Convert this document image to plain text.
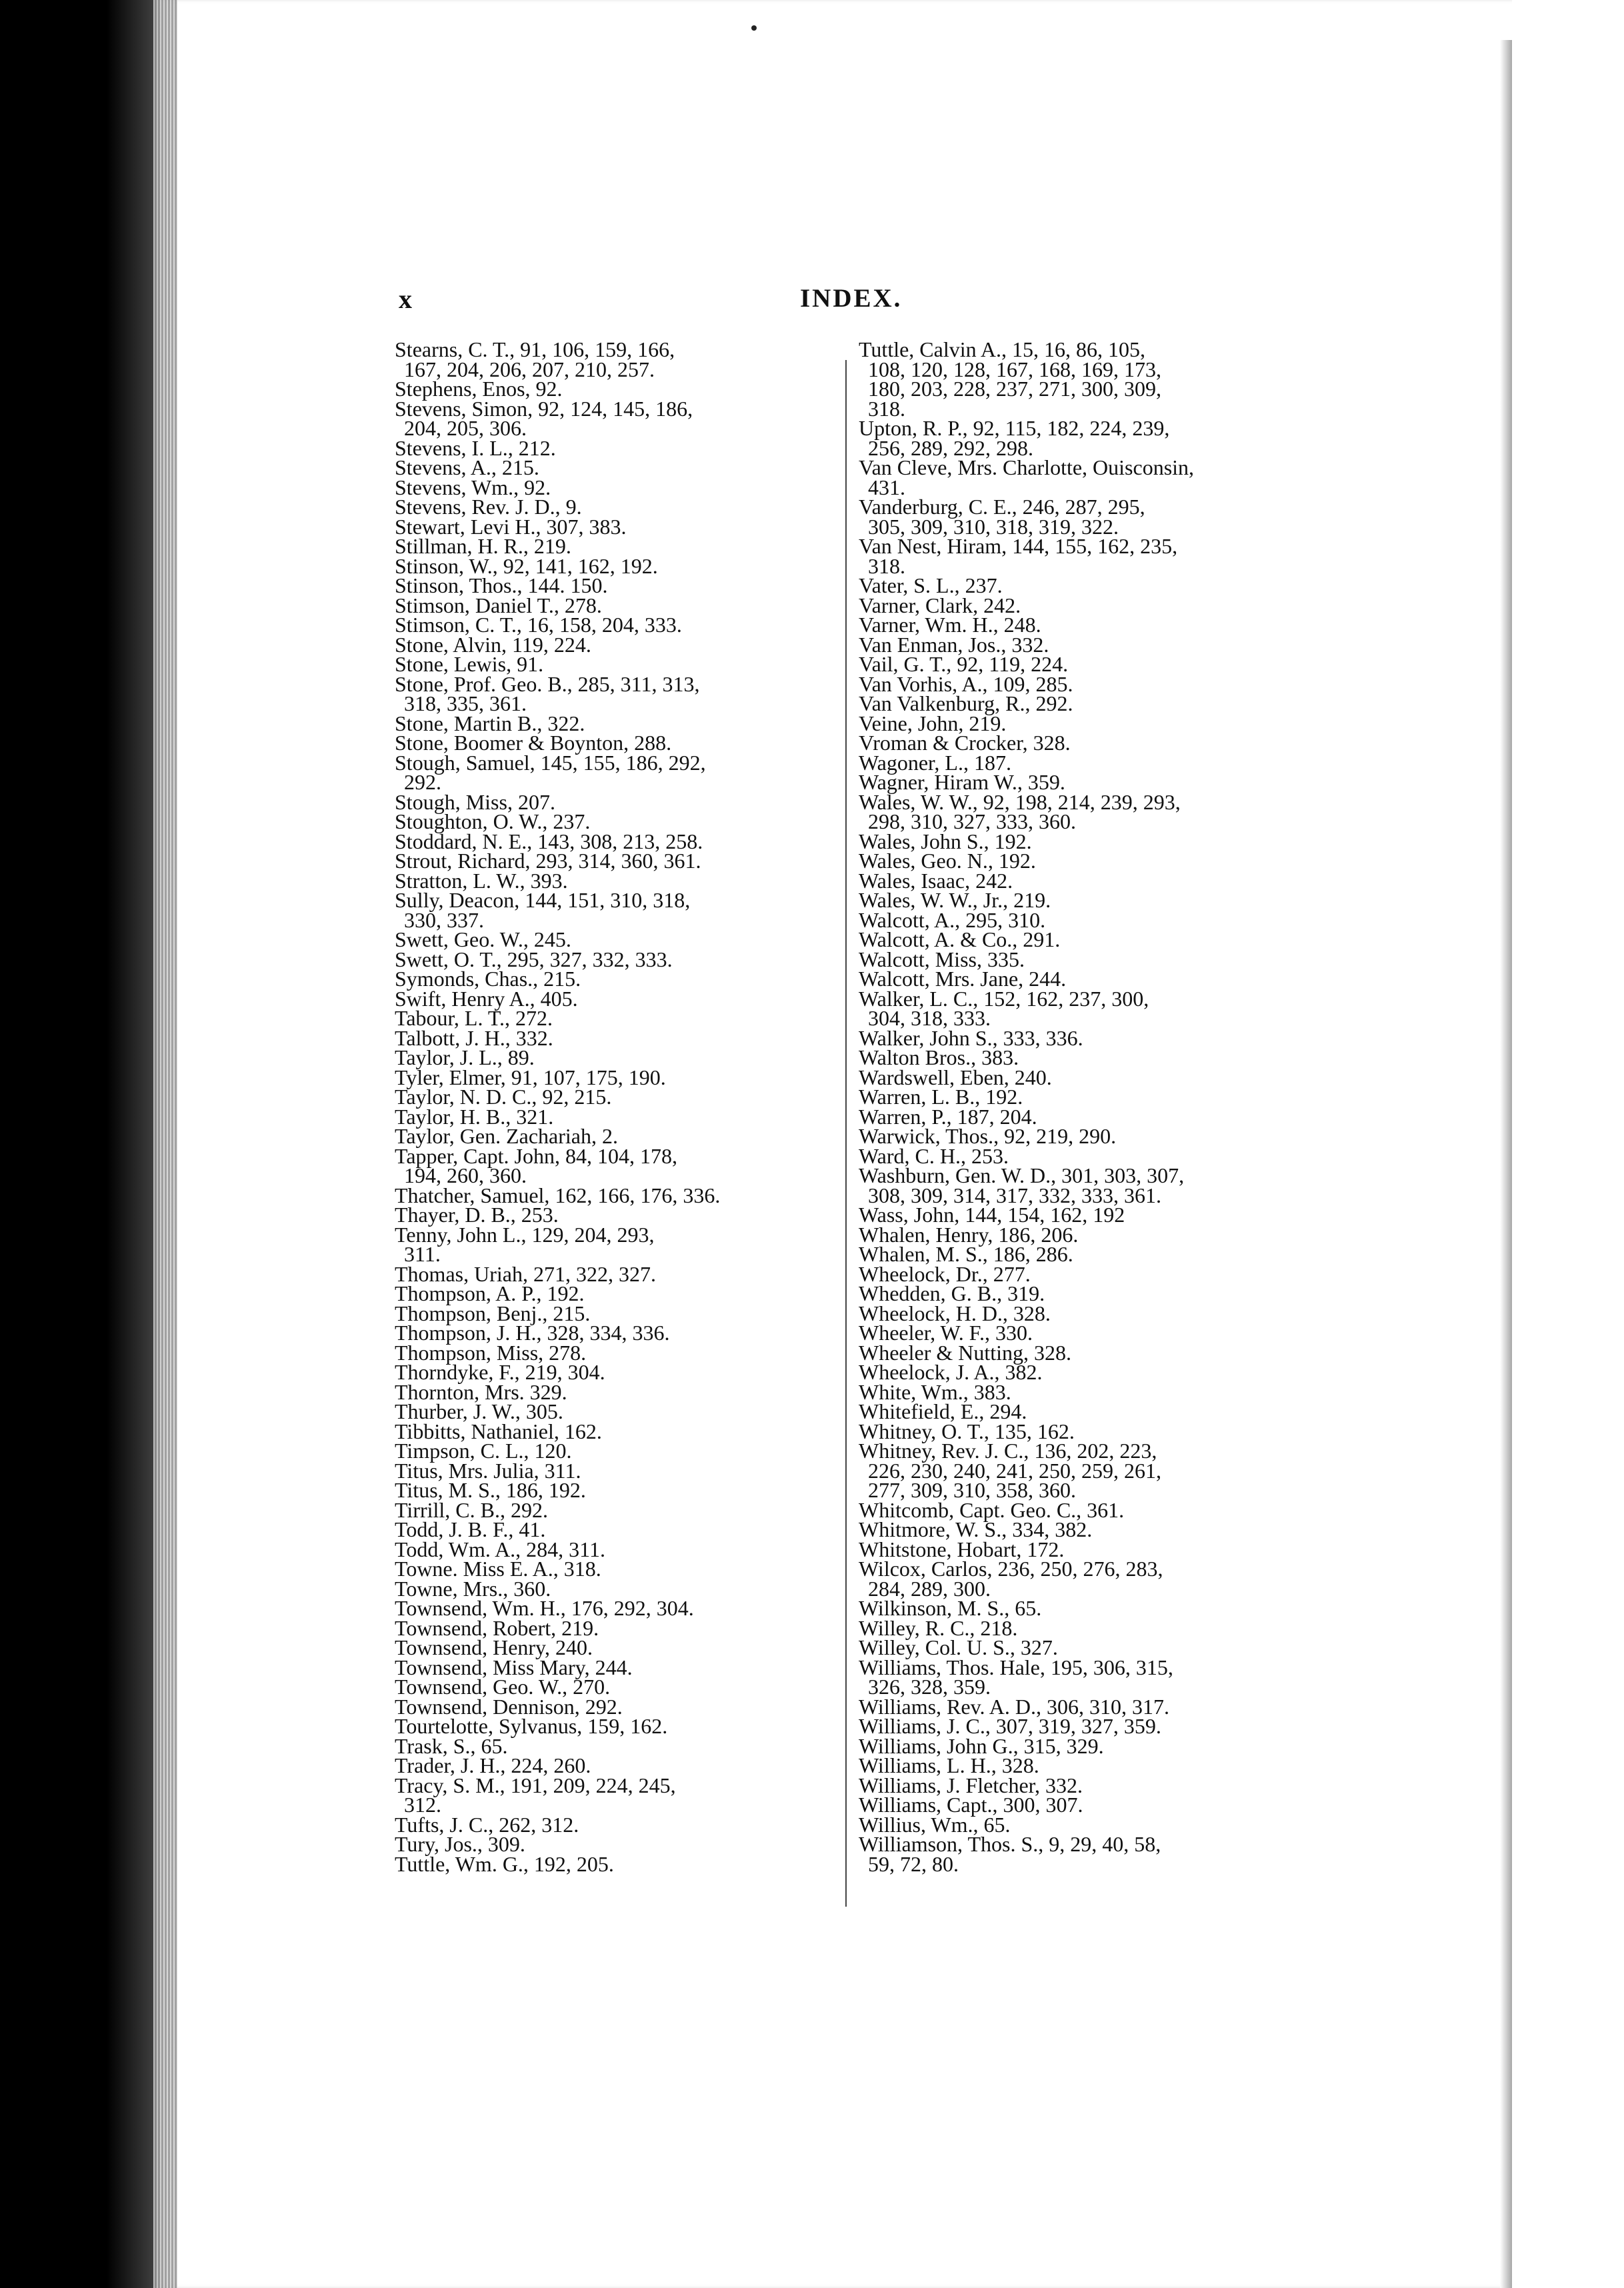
x	INDEX.
Stearns, C. T., 91, 106, 159, 166,
167, 204, 206, 207, 210, 257.
Stephens, Enos, 92.
Stevens, Simon, 92, 124, 145, 186,
204, 205, 306.
Stevens, I. L., 212.
Stevens, A., 215.
Stevens, Wm., 92.
Stevens, Rev. J. D., 9.
Stewart, Levi H., 307, 383.
Stillman, H. R., 219.
Stinson, W., 92, 141, 162, 192.
Stinson, Thos., 144. 150.
Stimson, Daniel T., 278.
Stimson, C. T., 16, 158, 204, 333.
Stone, Alvin, 119, 224.
Stone, Lewis, 91.
Stone, Prof. Geo. B., 285, 311, 313,
318, 335, 361.
Stone, Martin B., 322.
Stone, Boomer & Boynton, 288.
Stough, Samuel, 145, 155, 186, 292,
292.
Stough, Miss, 207.
Stoughton, O. W., 237.
Stoddard, N. E., 143, 308, 213, 258.
Strout, Richard, 293, 314, 360, 361.
Stratton, L. W., 393.
Sully, Deacon, 144, 151, 310, 318,
330, 337.
Swett, Geo. W., 245.
Swett, O. T., 295, 327, 332, 333.
Symonds, Chas., 215.
Swift, Henry A., 405.
Tabour, L. T., 272.
Talbott, J. H., 332.
Taylor, J. L., 89.
Tyler, Elmer, 91, 107, 175, 190.
Taylor, N. D. C., 92, 215.
Taylor, H. B., 321.
Taylor, Gen. Zachariah, 2.
Tapper, Capt. John, 84, 104, 178,
194, 260, 360.
Thatcher, Samuel, 162, 166, 176, 336.
Thayer, D. B., 253.
Tenny, John L., 129, 204, 293,
311.
Thomas, Uriah, 271, 322, 327.
Thompson, A. P., 192.
Thompson, Benj., 215.
Thompson, J. H., 328, 334, 336.
Thompson, Miss, 278.
Thorndyke, F., 219, 304.
Thornton, Mrs. 329.
Thurber, J. W., 305.
Tibbitts, Nathaniel, 162.
Timpson, C. L., 120.
Titus, Mrs. Julia, 311.
Titus, M. S., 186, 192.
Tirrill, C. B., 292.
Todd, J. B. F., 41.
Todd, Wm. A., 284, 311.
Towne. Miss E. A., 318.
Towne, Mrs., 360.
Townsend, Wm. H., 176, 292, 304.
Townsend, Robert, 219.
Townsend, Henry, 240.
Townsend, Miss Mary, 244.
Townsend, Geo. W., 270.
Townsend, Dennison, 292.
Tourtelotte, Sylvanus, 159, 162.
Trask, S., 65.
Trader, J. H., 224, 260.
Tracy, S. M., 191, 209, 224, 245,
312.
Tufts, J. C., 262, 312.
Tury, Jos., 309.
Tuttle, Wm. G., 192, 205.
Tuttle, Calvin A., 15, 16, 86, 105,
108, 120, 128, 167, 168, 169, 173,
180, 203, 228, 237, 271, 300, 309,
318.
Upton, R. P., 92, 115, 182, 224, 239,
256, 289, 292, 298.
Van Cleve, Mrs. Charlotte, Ouisconsin,
431.
Vanderburg, C. E., 246, 287, 295,
305, 309, 310, 318, 319, 322.
Van Nest, Hiram, 144, 155, 162, 235,
318.
Vater, S. L., 237.
Varner, Clark, 242.
Varner, Wm. H., 248.
Van Enman, Jos., 332.
Vail, G. T., 92, 119, 224.
Van Vorhis, A., 109, 285.
Van Valkenburg, R., 292.
Veine, John, 219.
Vroman & Crocker, 328.
Wagoner, L., 187.
Wagner, Hiram W., 359.
Wales, W. W., 92, 198, 214, 239, 293,
298, 310, 327, 333, 360.
Wales, John S., 192.
Wales, Geo. N., 192.
Wales, Isaac, 242.
Wales, W. W., Jr., 219.
Walcott, A., 295, 310.
Walcott, A. & Co., 291.
Walcott, Miss, 335.
Walcott, Mrs. Jane, 244.
Walker, L. C., 152, 162, 237, 300,
304, 318, 333.
Walker, John S., 333, 336.
Walton Bros., 383.
Wardswell, Eben, 240.
Warren, L. B., 192.
Warren, P., 187, 204.
Warwick, Thos., 92, 219, 290.
Ward, C. H., 253.
Washburn, Gen. W. D., 301, 303, 307,
308, 309, 314, 317, 332, 333, 361.
Wass, John, 144, 154, 162, 192
Whalen, Henry, 186, 206.
Whalen, M. S., 186, 286.
Wheelock, Dr., 277.
Whedden, G. B., 319.
Wheelock, H. D., 328.
Wheeler, W. F., 330.
Wheeler & Nutting, 328.
Wheelock, J. A., 382.
White, Wm., 383.
Whitefield, E., 294.
Whitney, O. T., 135, 162.
Whitney, Rev. J. C., 136, 202, 223,
226, 230, 240, 241, 250, 259, 261,
277, 309, 310, 358, 360.
Whitcomb, Capt. Geo. C., 361.
Whitmore, W. S., 334, 382.
Whitstone, Hobart, 172.
Wilcox, Carlos, 236, 250, 276, 283,
284, 289, 300.
Wilkinson, M. S., 65.
Willey, R. C., 218.
Willey, Col. U. S., 327.
Williams, Thos. Hale, 195, 306, 315,
326, 328, 359.
Williams, Rev. A. D., 306, 310, 317.
Williams, J. C., 307, 319, 327, 359.
Williams, John G., 315, 329.
Williams, L. H., 328.
Williams, J. Fletcher, 332.
Williams, Capt., 300, 307.
Willius, Wm., 65.
Williamson, Thos. S., 9, 29, 40, 58,
59, 72, 80.
